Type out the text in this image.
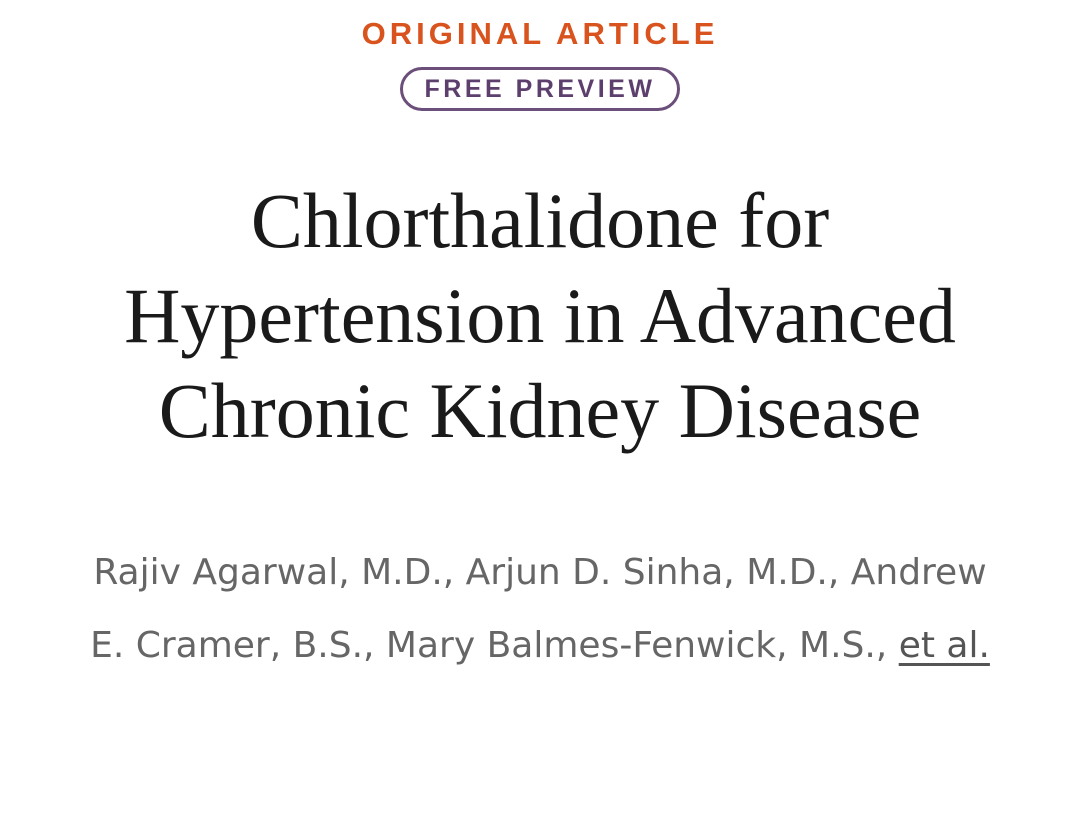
ORIGINAL ARTICLE

FREE PREVIEW
Chlorthalidone for Hypertension in Advanced Chronic Kidney Disease

Rajiv Agarwal, M.D., Arjun D. Sinha, M.D., Andrew E. Cramer, B.S., Mary Balmes-Fenwick, M.S., et al.
